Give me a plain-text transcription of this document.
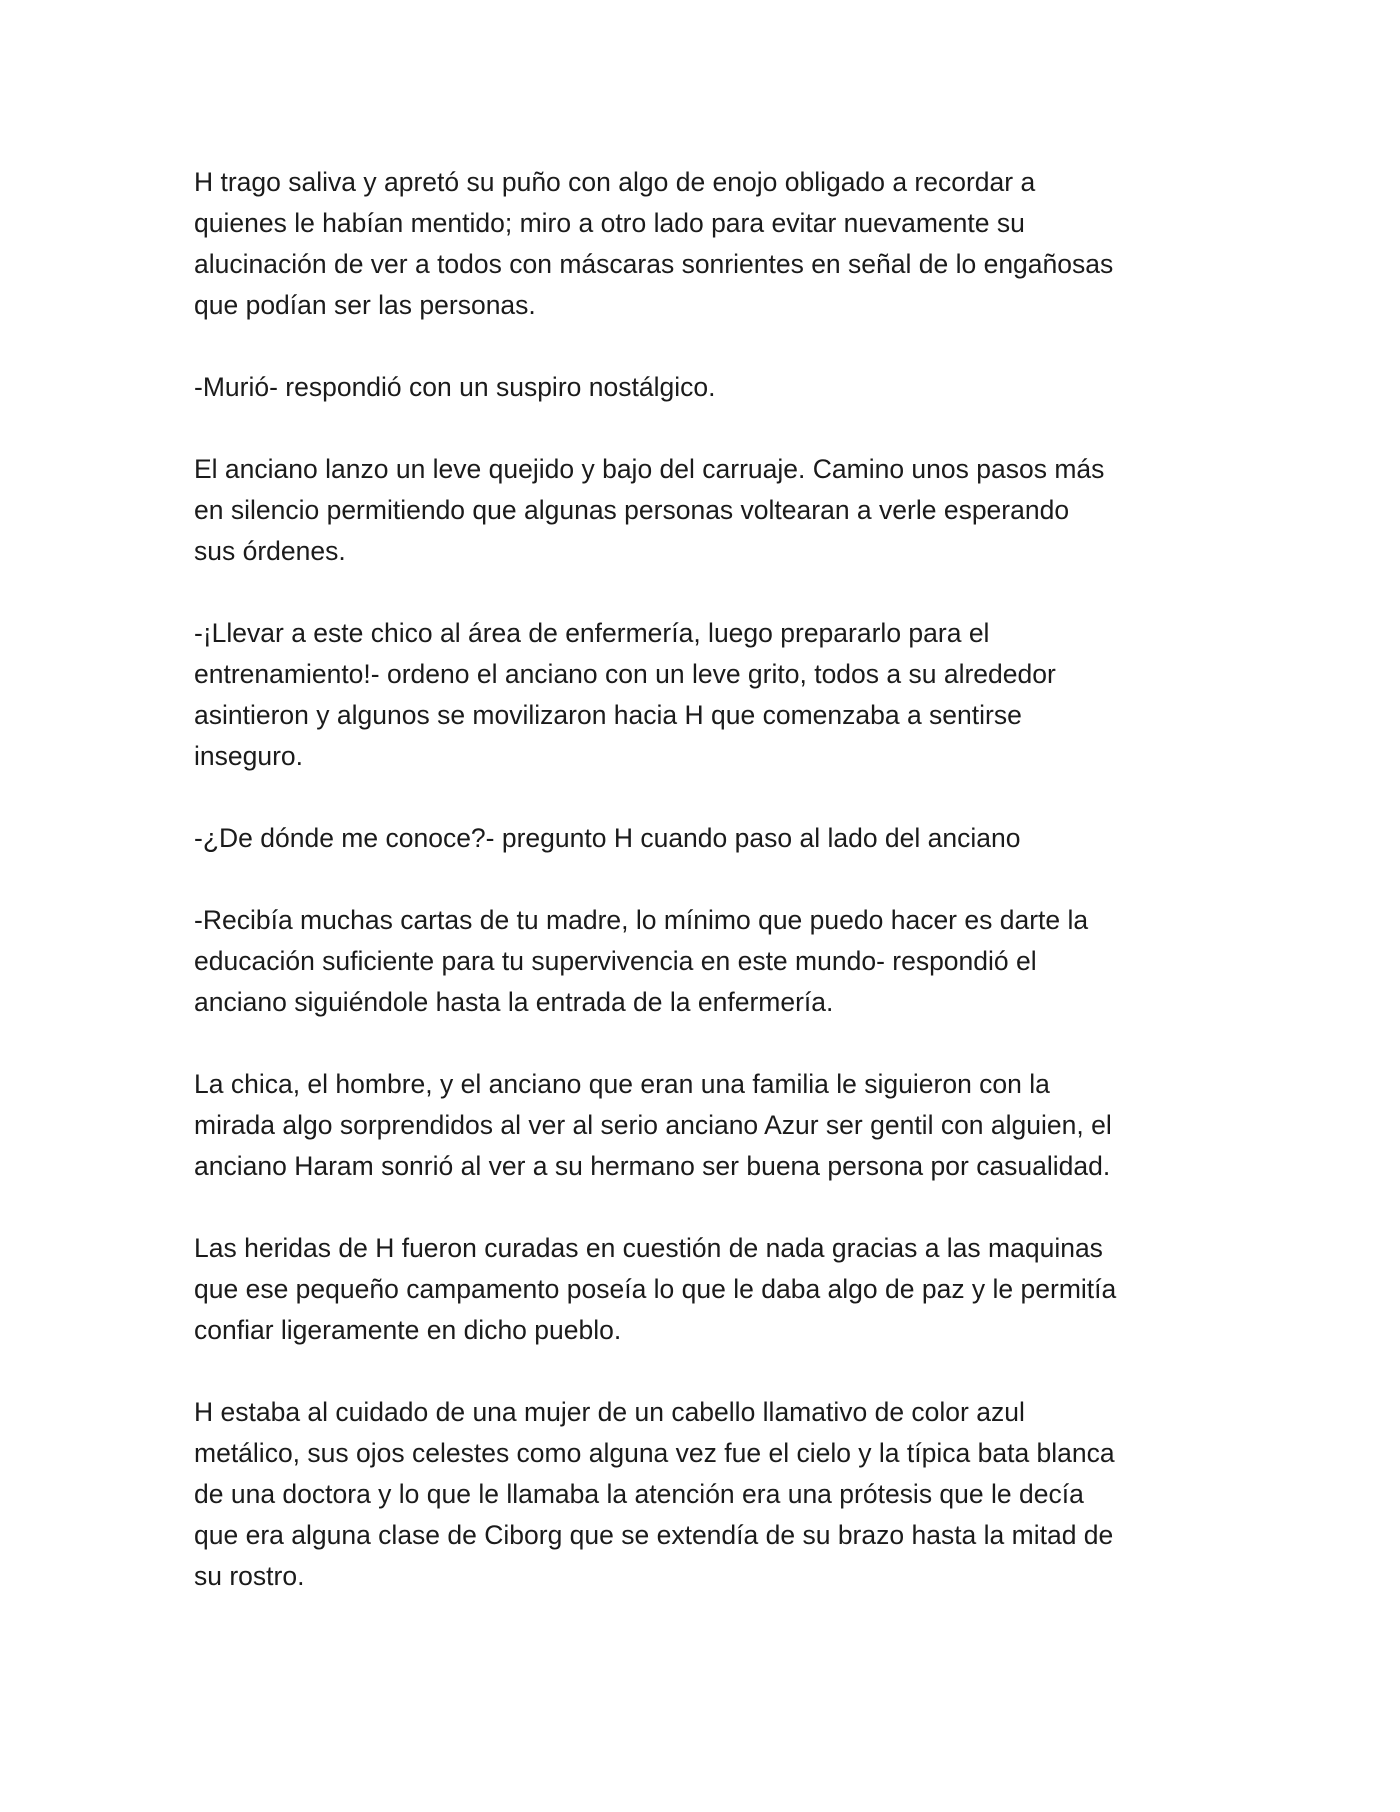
H trago saliva y apretó su puño con algo de enojo obligado a recordar a
quienes le habían mentido; miro a otro lado para evitar nuevamente su
alucinación de ver a todos con máscaras sonrientes en señal de lo engañosas
que podían ser las personas.

-Murió- respondió con un suspiro nostálgico.

El anciano lanzo un leve quejido y bajo del carruaje. Camino unos pasos más
en silencio permitiendo que algunas personas voltearan a verle esperando
sus órdenes.

-¡Llevar a este chico al área de enfermería, luego prepararlo para el
entrenamiento!- ordeno el anciano con un leve grito, todos a su alrededor
asintieron y algunos se movilizaron hacia H que comenzaba a sentirse
inseguro.

-¿De dónde me conoce?- pregunto H cuando paso al lado del anciano

-Recibía muchas cartas de tu madre, lo mínimo que puedo hacer es darte la
educación suficiente para tu supervivencia en este mundo- respondió el
anciano siguiéndole hasta la entrada de la enfermería.

La chica, el hombre, y el anciano que eran una familia le siguieron con la
mirada algo sorprendidos al ver al serio anciano Azur ser gentil con alguien, el
anciano Haram sonrió al ver a su hermano ser buena persona por casualidad.

Las heridas de H fueron curadas en cuestión de nada gracias a las maquinas
que ese pequeño campamento poseía lo que le daba algo de paz y le permitía
confiar ligeramente en dicho pueblo.

H estaba al cuidado de una mujer de un cabello llamativo de color azul
metálico, sus ojos celestes como alguna vez fue el cielo y la típica bata blanca
de una doctora y lo que le llamaba la atención era una prótesis que le decía
que era alguna clase de Ciborg que se extendía de su brazo hasta la mitad de
su rostro.
